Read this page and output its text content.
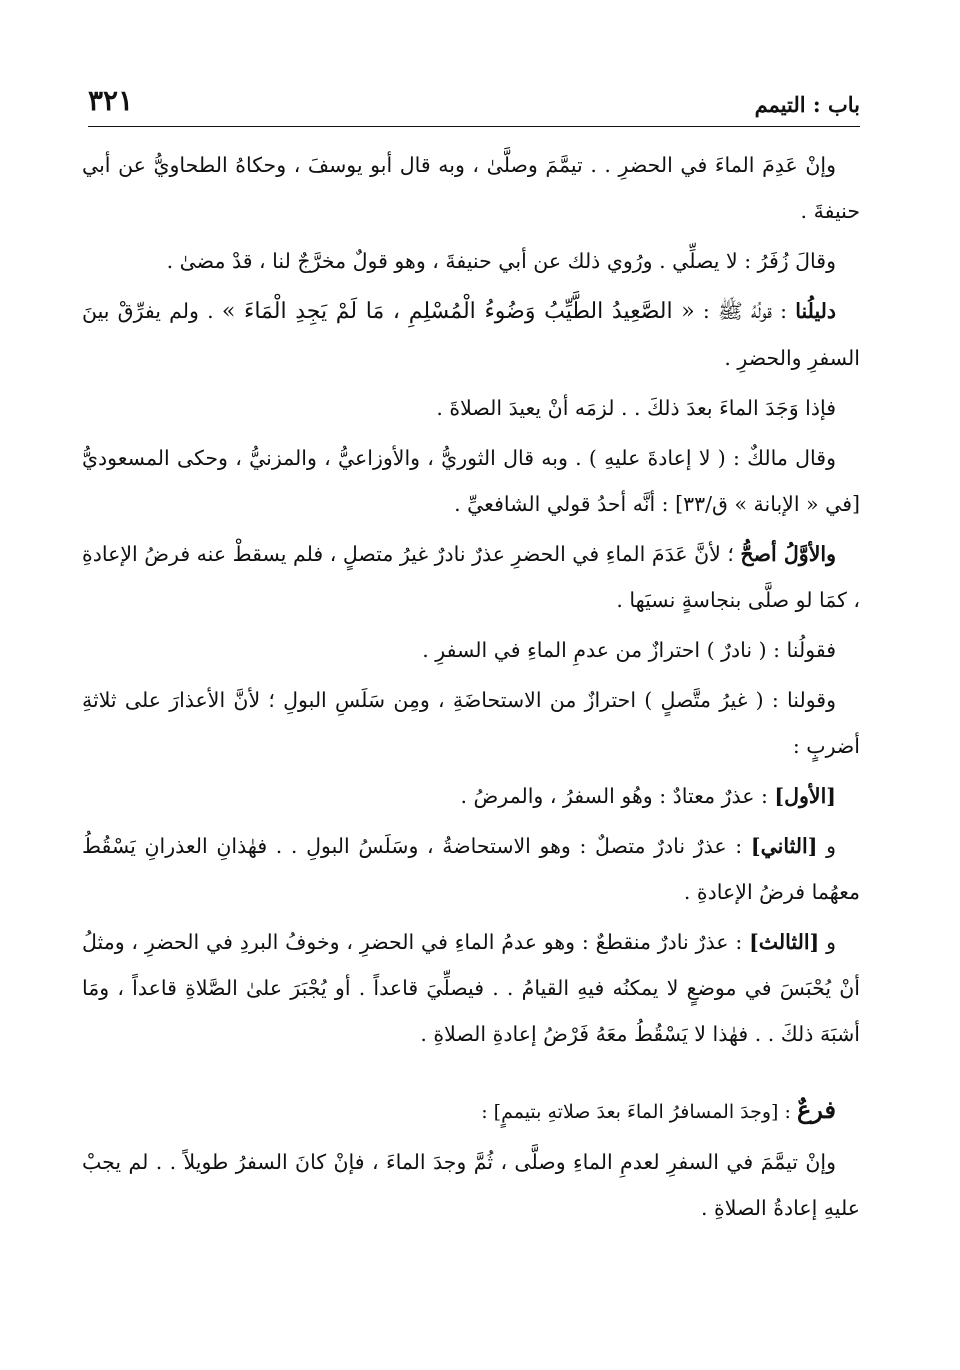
باب : التيمم
٣٢١

وإنْ عَدِمَ الماءَ في الحضرِ . . تيمَّمَ وصلَّىٰ ، وبه قال أبو يوسفَ ، وحكاهُ الطحاويُّ عن أبي حنيفةَ .

وقالَ زُفَرُ : لا يصلِّي . ورُوي ذلك عن أبي حنيفةَ ، وهو قولٌ مخرَّجٌ لنا ، قدْ مضىٰ .

دليلُنا : قولُهُ ﷺ : « الصَّعِيدُ الطَّيِّبُ وَضُوءُ الْمُسْلِمِ ، مَا لَمْ يَجِدِ الْمَاءَ » . ولم يفرِّقْ بينَ السفرِ والحضرِ .

فإذا وَجَدَ الماءَ بعدَ ذلكَ . . لزمَه أنْ يعيدَ الصلاةَ .

وقال مالكٌ : ( لا إعادةَ عليهِ ) . وبه قال الثوريُّ ، والأوزاعيُّ ، والمزنيُّ ، وحكى المسعوديُّ [في « الإبانة » ق/٣٣] : أنَّه أحدُ قولي الشافعيِّ .

والأوَّلُ أصحُّ ؛ لأنَّ عَدَمَ الماءِ في الحضرِ عذرٌ نادرٌ غيرُ متصلٍ ، فلم يسقطْ عنه فرضُ الإعادةِ ، كمَا لو صلَّى بنجاسةٍ نسيَها .

فقولُنا : ( نادرٌ ) احترازٌ من عدمِ الماءِ في السفرِ .

وقولنا : ( غيرُ متَّصلٍ ) احترازٌ من الاستحاضَةِ ، ومِن سَلَسِ البولِ ؛ لأنَّ الأعذارَ على ثلاثةِ أضربٍ :

[الأول] : عذرٌ معتادٌ : وهُو السفرُ ، والمرضُ .

و [الثاني] : عذرٌ نادرٌ متصلٌ : وهو الاستحاضةُ ، وسَلَسُ البولِ . . فهٰذانِ العذرانِ يَسْقُطُ معهُما فرضُ الإعادةِ .

و [الثالث] : عذرٌ نادرٌ منقطعٌ : وهو عدمُ الماءِ في الحضرِ ، وخوفُ البردِ في الحضرِ ، ومثلُ أنْ يُحْبَسَ في موضعٍ لا يمكنُه فيهِ القيامُ . . فيصلِّيَ قاعداً . أو يُجْبَرَ علىٰ الصَّلاةِ قاعداً ، ومَا أشبَهَ ذلكَ . . فهٰذا لا يَسْقُطُ معَهُ فَرْضُ إعادةِ الصلاةِ .

فرعٌ : [وجدَ المسافرُ الماءَ بعدَ صلاتهِ بتيممٍ] :

وإنْ تيمَّمَ في السفرِ لعدمِ الماءِ وصلَّى ، ثُمَّ وجدَ الماءَ ، فإنْ كانَ السفرُ طويلاً . . لم يجبْ عليهِ إعادةُ الصلاةِ .
